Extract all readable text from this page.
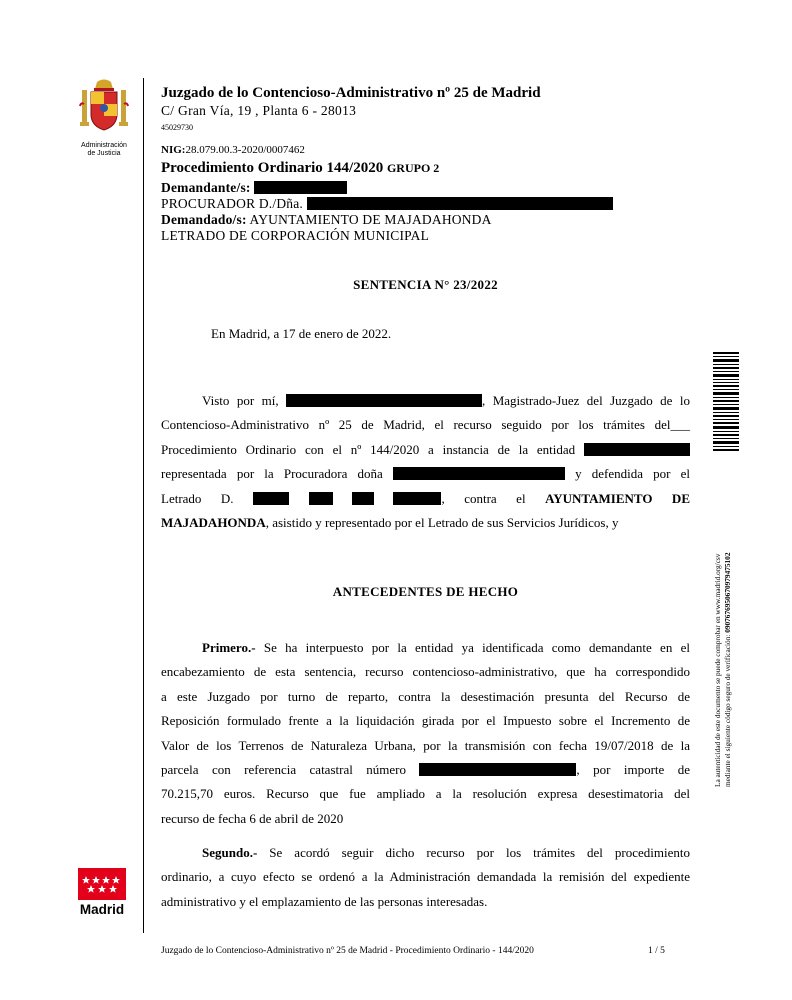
Administración
de Justicia
Juzgado de lo Contencioso-Administrativo nº 25 de Madrid
C/ Gran Vía, 19 , Planta 6 - 28013
45029730
NIG:28.079.00.3-2020/0007462
Procedimiento Ordinario 144/2020 GRUPO 2
Demandante/s:
PROCURADOR D./Dña.
Demandado/s: AYUNTAMIENTO DE MAJADAHONDA
LETRADO DE CORPORACIÓN MUNICIPAL
SENTENCIA N° 23/2022
En Madrid, a 17 de enero de 2022.
Visto por mí,	, Magistrado-Juez del Juzgado de lo
Contencioso-Administrativo nº 25 de Madrid, el recurso seguido por los trámites del___
Procedimiento Ordinario con el nº 144/2020 a instancia de la entidad
representada por la Procuradora doña	y defendida por el
Letrado D.	, contra el AYUNTAMIENTO DE
MAJADAHONDA, asistido y representado por el Letrado de sus Servicios Jurídicos, y
ANTECEDENTES DE HECHO
Primero.- Se ha interpuesto por la entidad ya identificada como demandante en el
encabezamiento de esta sentencia, recurso contencioso-administrativo, que ha correspondido
a este Juzgado por turno de reparto, contra la desestimación presunta del Recurso de
Reposición formulado frente a la liquidación girada por el Impuesto sobre el Incremento de
Valor de los Terrenos de Naturaleza Urbana, por la transmisión con fecha 19/07/2018 de la
parcela con referencia catastral número	, por importe de
70.215,70 euros. Recurso que fue ampliado a la resolución expresa desestimatoria del
recurso de fecha 6 de abril de 2020
Segundo.- Se acordó seguir dicho recurso por los trámites del procedimiento
ordinario, a cuyo efecto se ordenó a la Administración demandada la remisión del expediente
administrativo y el emplazamiento de las personas interesadas.
La autenticidad de este documento se puede comprobar en www.madrid.org/csv mediante el siguiente código seguro de verificación: 0907676950670979475102
Madrid
Juzgado de lo Contencioso-Administrativo nº 25 de Madrid - Procedimiento Ordinario - 144/2020	1 / 5
